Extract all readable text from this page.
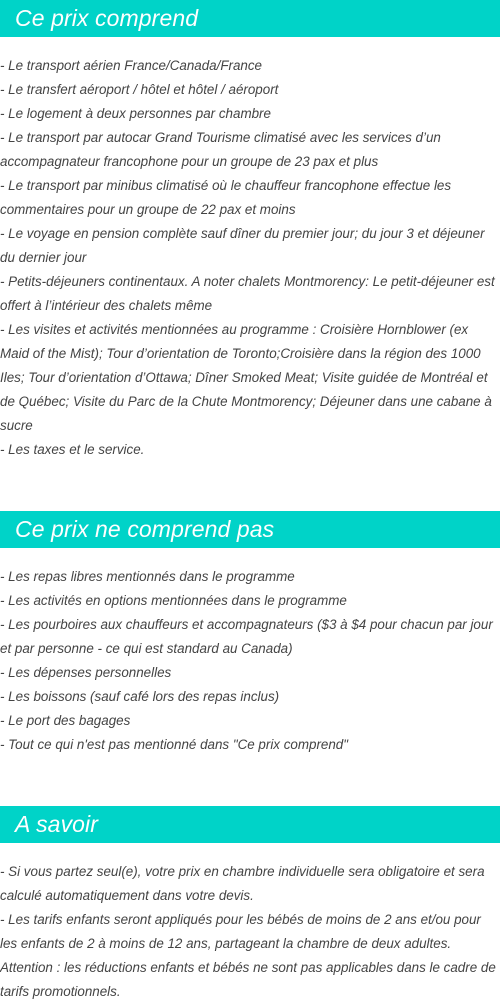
Ce prix comprend

- Le transport aérien France/Canada/France

- Le transfert aéroport / hôtel et hôtel / aéroport

- Le logement à deux personnes par chambre

- Le transport par autocar Grand Tourisme climatisé avec les services d’un accompagnateur francophone pour un groupe de 23 pax et plus

- Le transport par minibus climatisé où le chauffeur francophone effectue les commentaires pour un groupe de 22 pax et moins

- Le voyage en pension complète sauf dîner du premier jour; du jour 3 et déjeuner du dernier jour

- Petits-déjeuners continentaux. A noter chalets Montmorency: Le petit-déjeuner est offert à l’intérieur des chalets même

- Les visites et activités mentionnées au programme : Croisière Hornblower (ex Maid of the Mist); Tour d’orientation de Toronto;Croisière dans la région des 1000 Iles; Tour d’orientation d’Ottawa; Dîner Smoked Meat; Visite guidée de Montréal et de Québec; Visite du Parc de la Chute Montmorency; Déjeuner dans une cabane à sucre

- Les taxes et le service.

Ce prix ne comprend pas

- Les repas libres mentionnés dans le programme

- Les activités en options mentionnées dans le programme

- Les pourboires aux chauffeurs et accompagnateurs ($3 à $4 pour chacun par jour et par personne - ce qui est standard au Canada)

- Les dépenses personnelles

- Les boissons (sauf café lors des repas inclus)

- Le port des bagages

- Tout ce qui n'est pas mentionné dans "Ce prix comprend"

A savoir

- Si vous partez seul(e), votre prix en chambre individuelle sera obligatoire et sera calculé automatiquement dans votre devis.

- Les tarifs enfants seront appliqués pour les bébés de moins de 2 ans et/ou pour les enfants de 2 à moins de 12 ans, partageant la chambre de deux adultes.

Attention : les réductions enfants et bébés ne sont pas applicables dans le cadre de tarifs promotionnels.
